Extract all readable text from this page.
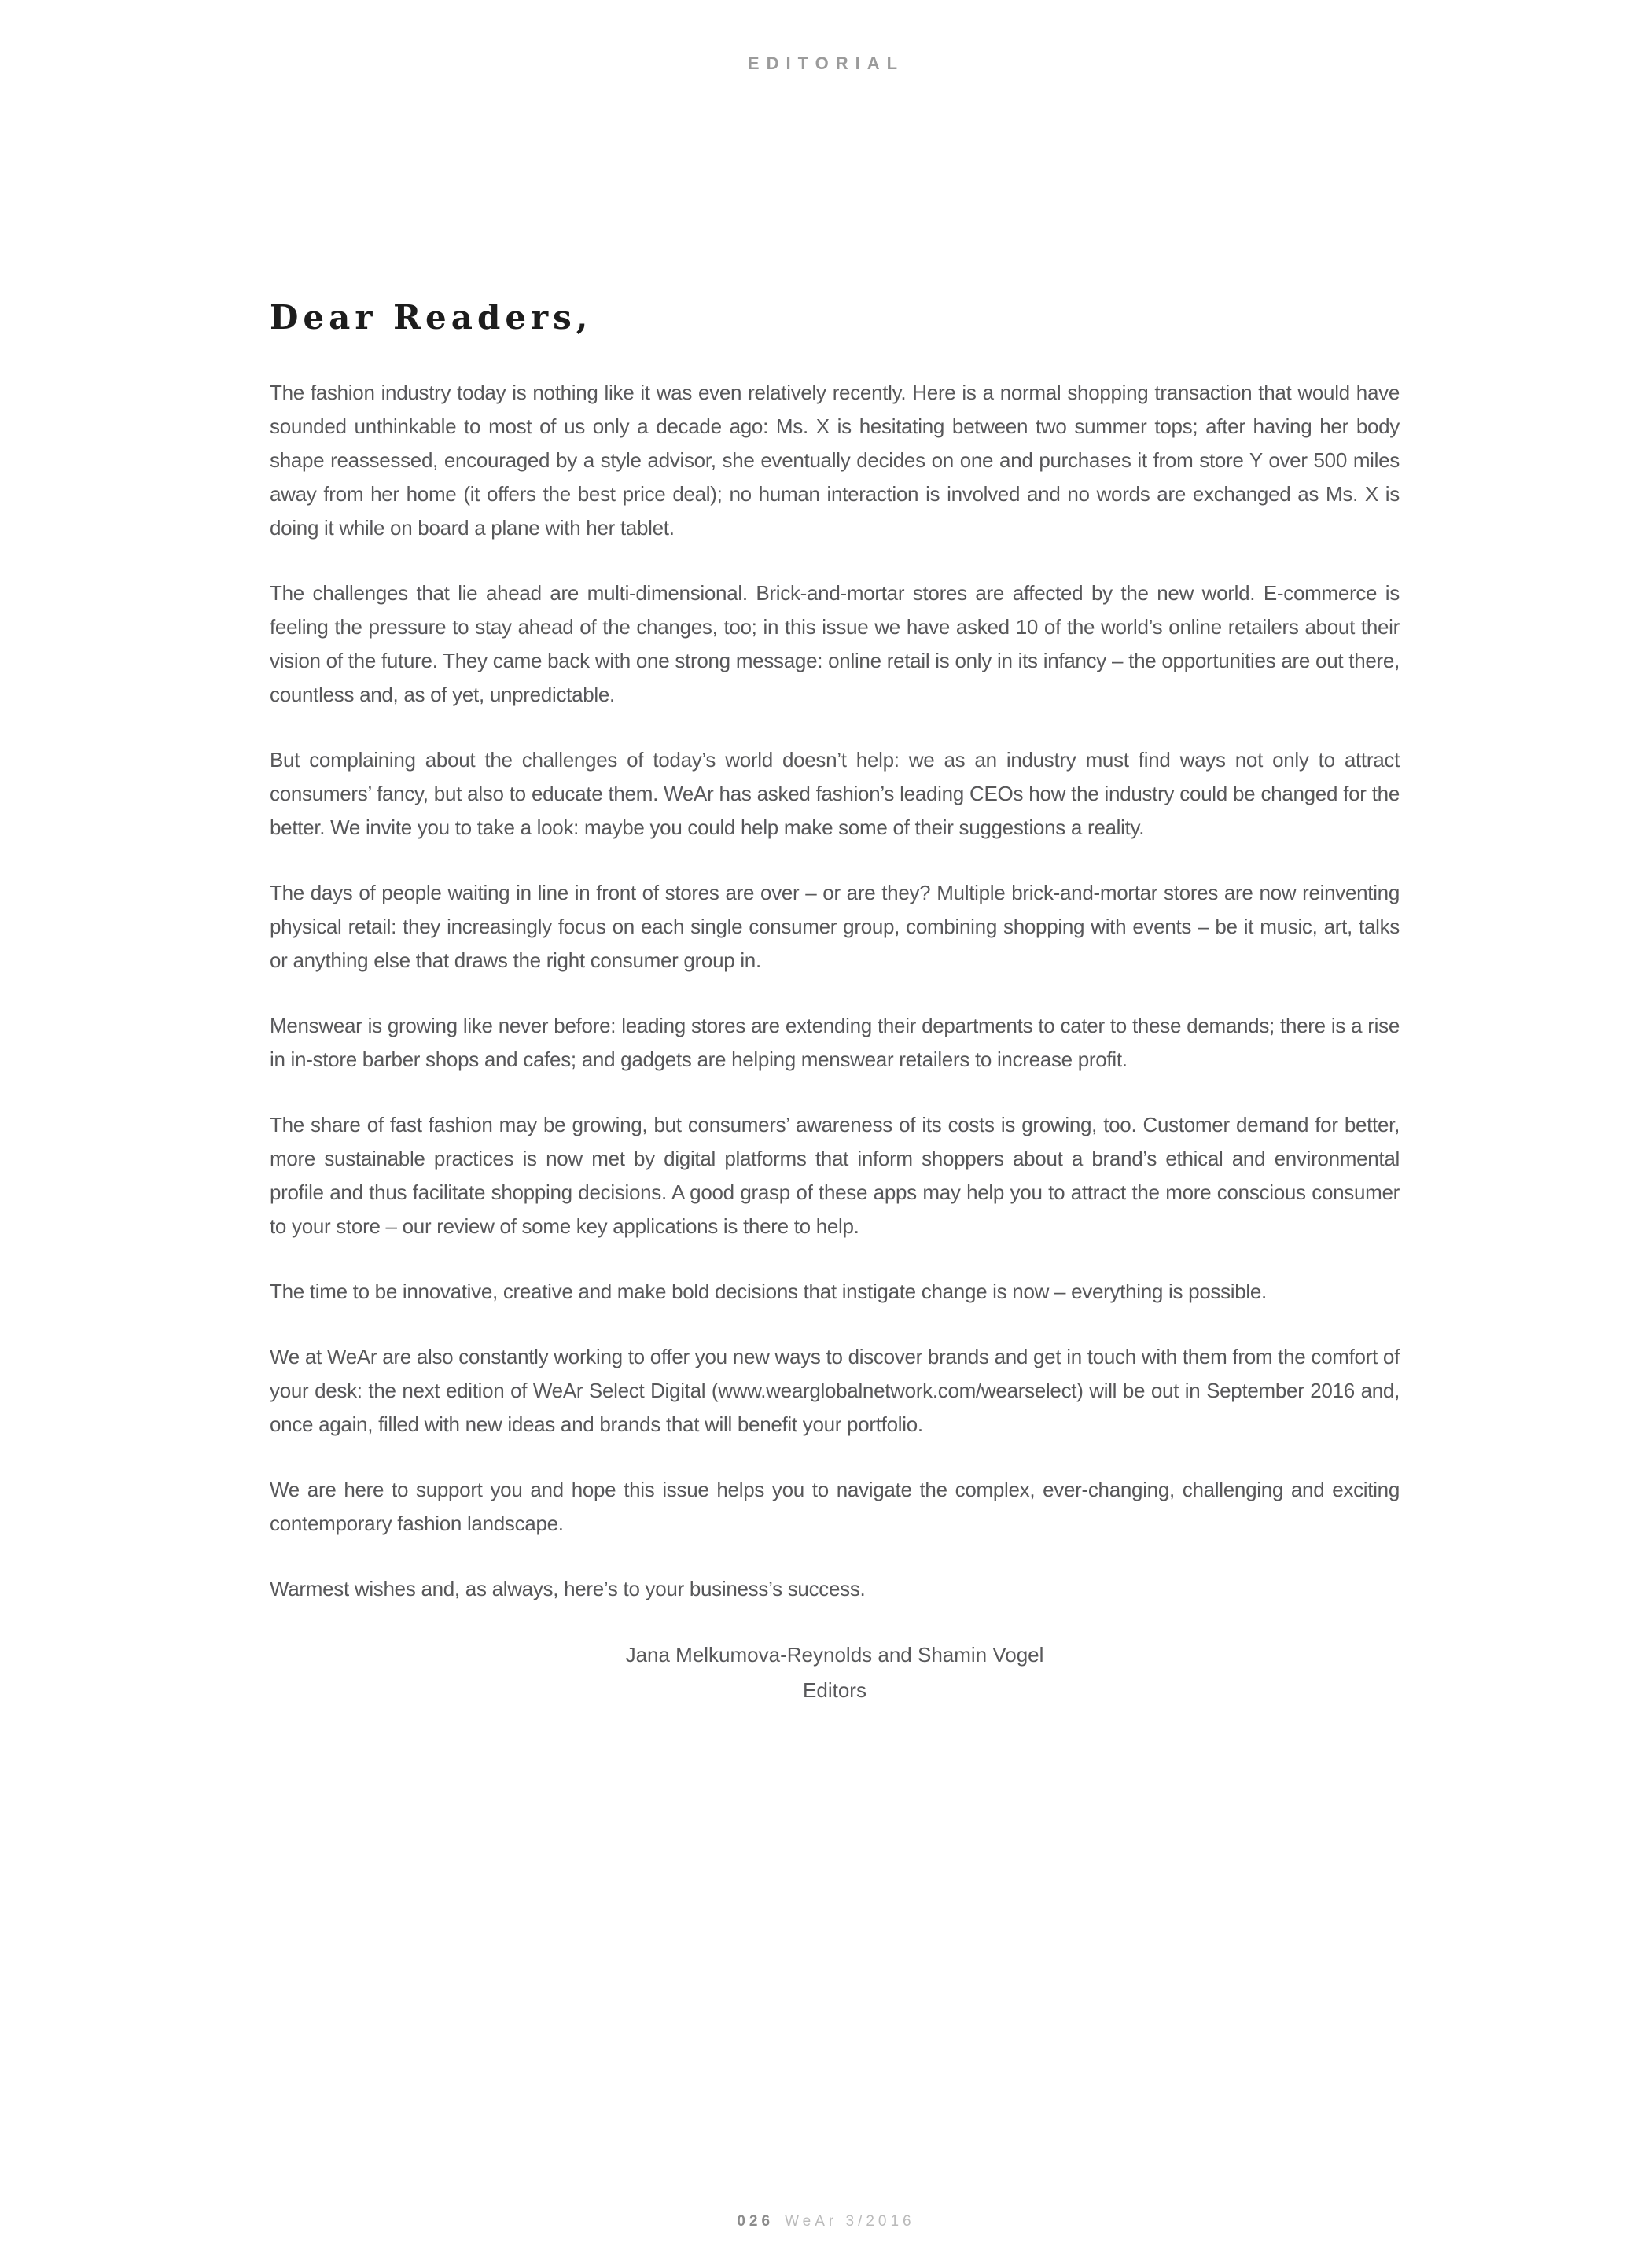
EDITORIAL
Dear Readers,

The fashion industry today is nothing like it was even relatively recently. Here is a normal shopping transaction that would have sounded unthinkable to most of us only a decade ago: Ms. X is hesitating between two summer tops; after having her body shape reassessed, encouraged by a style advisor, she eventually decides on one and purchases it from store Y over 500 miles away from her home (it offers the best price deal); no human interaction is involved and no words are exchanged as Ms. X is doing it while on board a plane with her tablet.

The challenges that lie ahead are multi-dimensional. Brick-and-mortar stores are affected by the new world. E-commerce is feeling the pressure to stay ahead of the changes, too; in this issue we have asked 10 of the world’s online retailers about their vision of the future. They came back with one strong message: online retail is only in its infancy – the opportunities are out there, countless and, as of yet, unpredictable.

But complaining about the challenges of today’s world doesn’t help: we as an industry must find ways not only to attract consumers’ fancy, but also to educate them. WeAr has asked fashion’s leading CEOs how the industry could be changed for the better. We invite you to take a look: maybe you could help make some of their suggestions a reality.

The days of people waiting in line in front of stores are over – or are they? Multiple brick-and-mortar stores are now reinventing physical retail: they increasingly focus on each single consumer group, combining shopping with events – be it music, art, talks or anything else that draws the right consumer group in.

Menswear is growing like never before: leading stores are extending their departments to cater to these demands; there is a rise in in-store barber shops and cafes; and gadgets are helping menswear retailers to increase profit.

The share of fast fashion may be growing, but consumers’ awareness of its costs is growing, too. Customer demand for better, more sustainable practices is now met by digital platforms that inform shoppers about a brand’s ethical and environmental profile and thus facilitate shopping decisions. A good grasp of these apps may help you to attract the more conscious consumer to your store – our review of some key applications is there to help.

The time to be innovative, creative and make bold decisions that instigate change is now – everything is possible.

We at WeAr are also constantly working to offer you new ways to discover brands and get in touch with them from the comfort of your desk: the next edition of WeAr Select Digital (www.wearglobalnetwork.com/wearselect) will be out in September 2016 and, once again, filled with new ideas and brands that will benefit your portfolio.

We are here to support you and hope this issue helps you to navigate the complex, ever-changing, challenging and exciting contemporary fashion landscape.

Warmest wishes and, as always, here’s to your business’s success.

Jana Melkumova-Reynolds and Shamin Vogel
Editors
026 WeAr 3/2016
